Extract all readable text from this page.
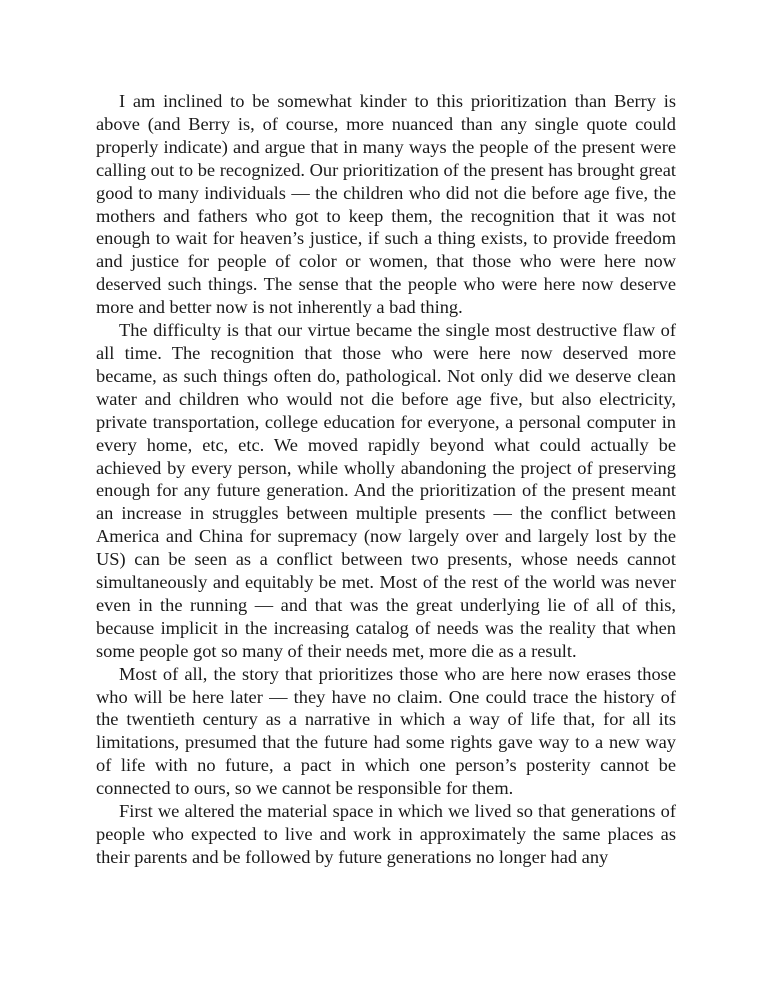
I am inclined to be somewhat kinder to this prioritization than Berry is above (and Berry is, of course, more nuanced than any single quote could properly indicate) and argue that in many ways the people of the present were calling out to be recognized. Our prioritization of the present has brought great good to many individuals — the children who did not die before age five, the mothers and fathers who got to keep them, the recognition that it was not enough to wait for heaven’s justice, if such a thing exists, to provide freedom and justice for people of color or women, that those who were here now deserved such things. The sense that the people who were here now deserve more and better now is not inherently a bad thing.

The difficulty is that our virtue became the single most destructive flaw of all time. The recognition that those who were here now deserved more became, as such things often do, pathological. Not only did we deserve clean water and children who would not die before age five, but also electricity, private transportation, college education for everyone, a personal computer in every home, etc, etc. We moved rapidly beyond what could actually be achieved by every person, while wholly abandoning the project of preserving enough for any future generation. And the prioritization of the present meant an increase in struggles between multiple presents — the conflict between America and China for supremacy (now largely over and largely lost by the US) can be seen as a conflict between two presents, whose needs cannot simultaneously and equitably be met. Most of the rest of the world was never even in the running — and that was the great underlying lie of all of this, because implicit in the increasing catalog of needs was the reality that when some people got so many of their needs met, more die as a result.

Most of all, the story that prioritizes those who are here now erases those who will be here later — they have no claim. One could trace the history of the twentieth century as a narrative in which a way of life that, for all its limitations, presumed that the future had some rights gave way to a new way of life with no future, a pact in which one person’s posterity cannot be connected to ours, so we cannot be responsible for them.

First we altered the material space in which we lived so that generations of people who expected to live and work in approximately the same places as their parents and be followed by future generations no longer had any
